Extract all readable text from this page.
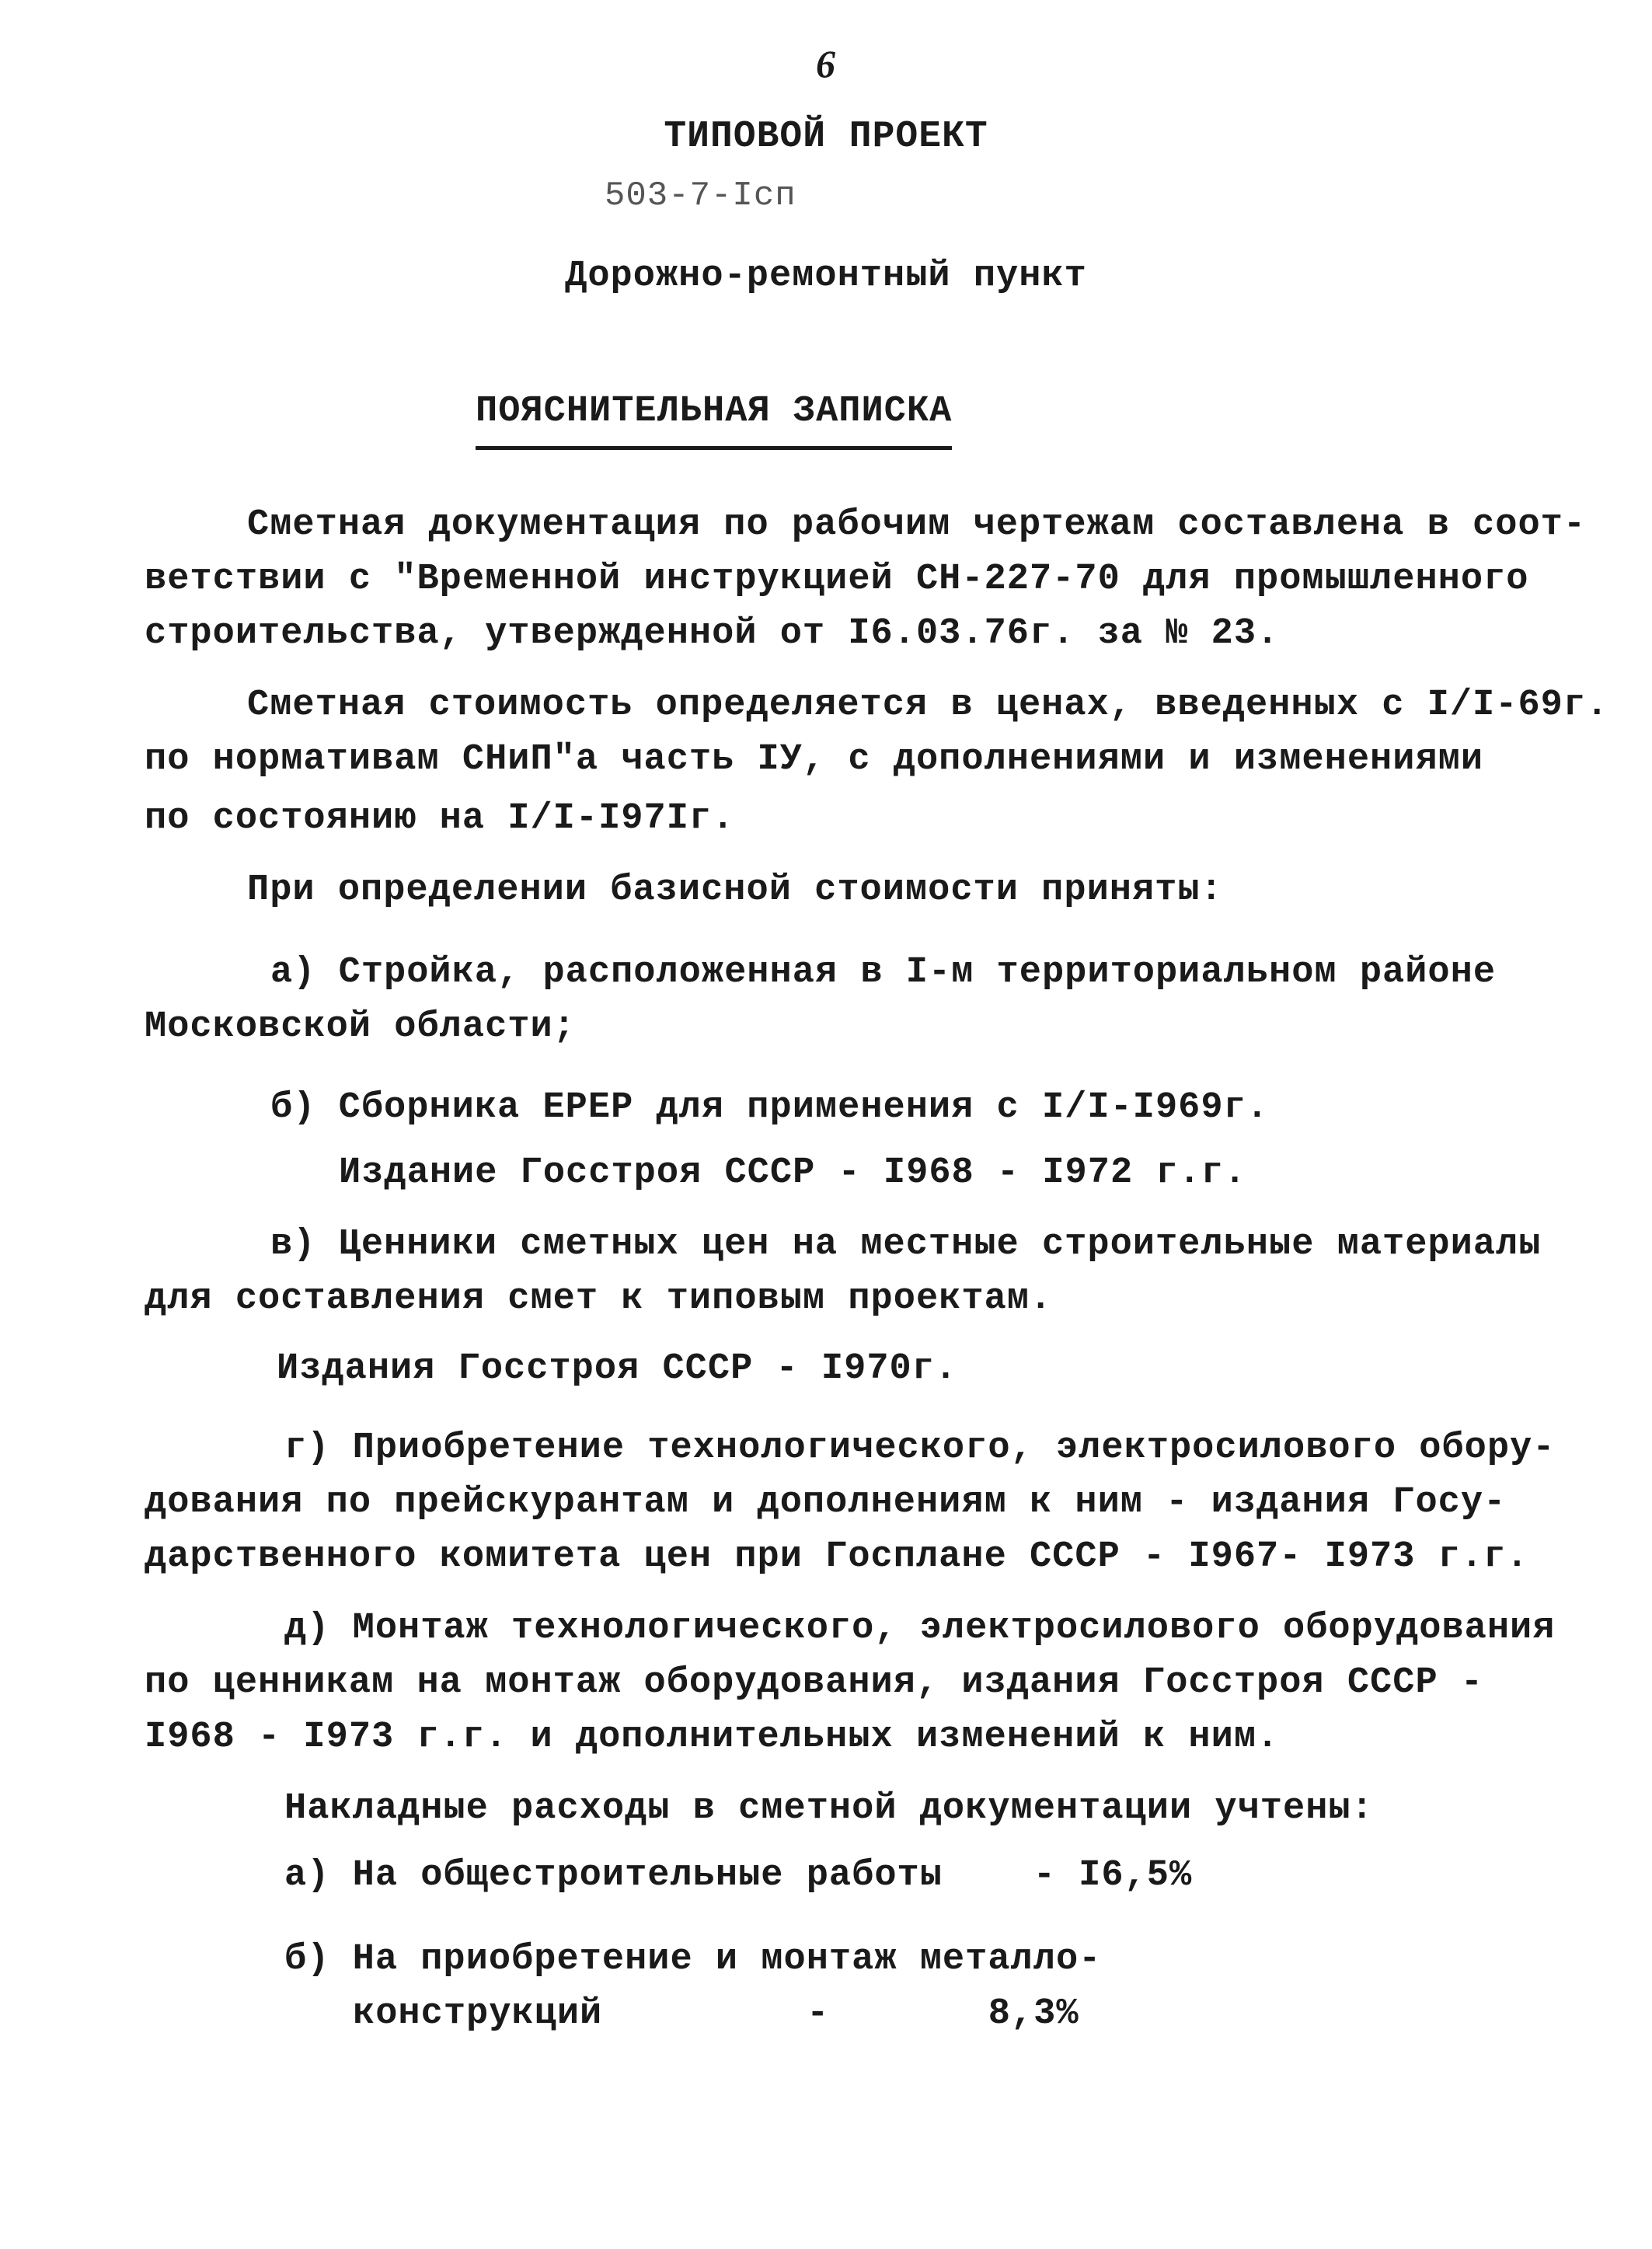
6
ТИПОВОЙ ПРОЕКТ
503-7-Iсп
Дорожно-ремонтный пункт
ПОЯСНИТЕЛЬНАЯ ЗАПИСКА
Сметная документация по рабочим чертежам составлена в соот-
ветствии с "Временной инструкцией СН-227-70 для промышленного
строительства, утвержденной от I6.03.76г. за № 23.
Сметная стоимость определяется в ценах, введенных с I/I-69г.
по нормативам СНиП"а часть IУ, с дополнениями и изменениями
по состоянию на I/I-I97Iг.
При определении базисной стоимости приняты:
а) Стройка, расположенная в I-м территориальном районе
Московской области;
б) Сборника ЕРЕР для применения с I/I-I969г.
Издание Госстроя СССР - I968 - I972 г.г.
в) Ценники сметных цен на местные строительные материалы
для составления смет к типовым проектам.
Издания Госстроя СССР - I970г.
г) Приобретение технологического, электросилового обору-
дования по прейскурантам и дополнениям к ним - издания Госу-
дарственного комитета цен при Госплане СССР - I967- I973 г.г.
д) Монтаж технологического, электросилового оборудования
по ценникам на монтаж оборудования, издания Госстроя СССР -
I968 - I973 г.г. и дополнительных изменений к ним.
Накладные расходы в сметной документации учтены:
а) На общестроительные работы    - I6,5%
б) На приобретение и монтаж металло-
конструкций         -       8,3%
